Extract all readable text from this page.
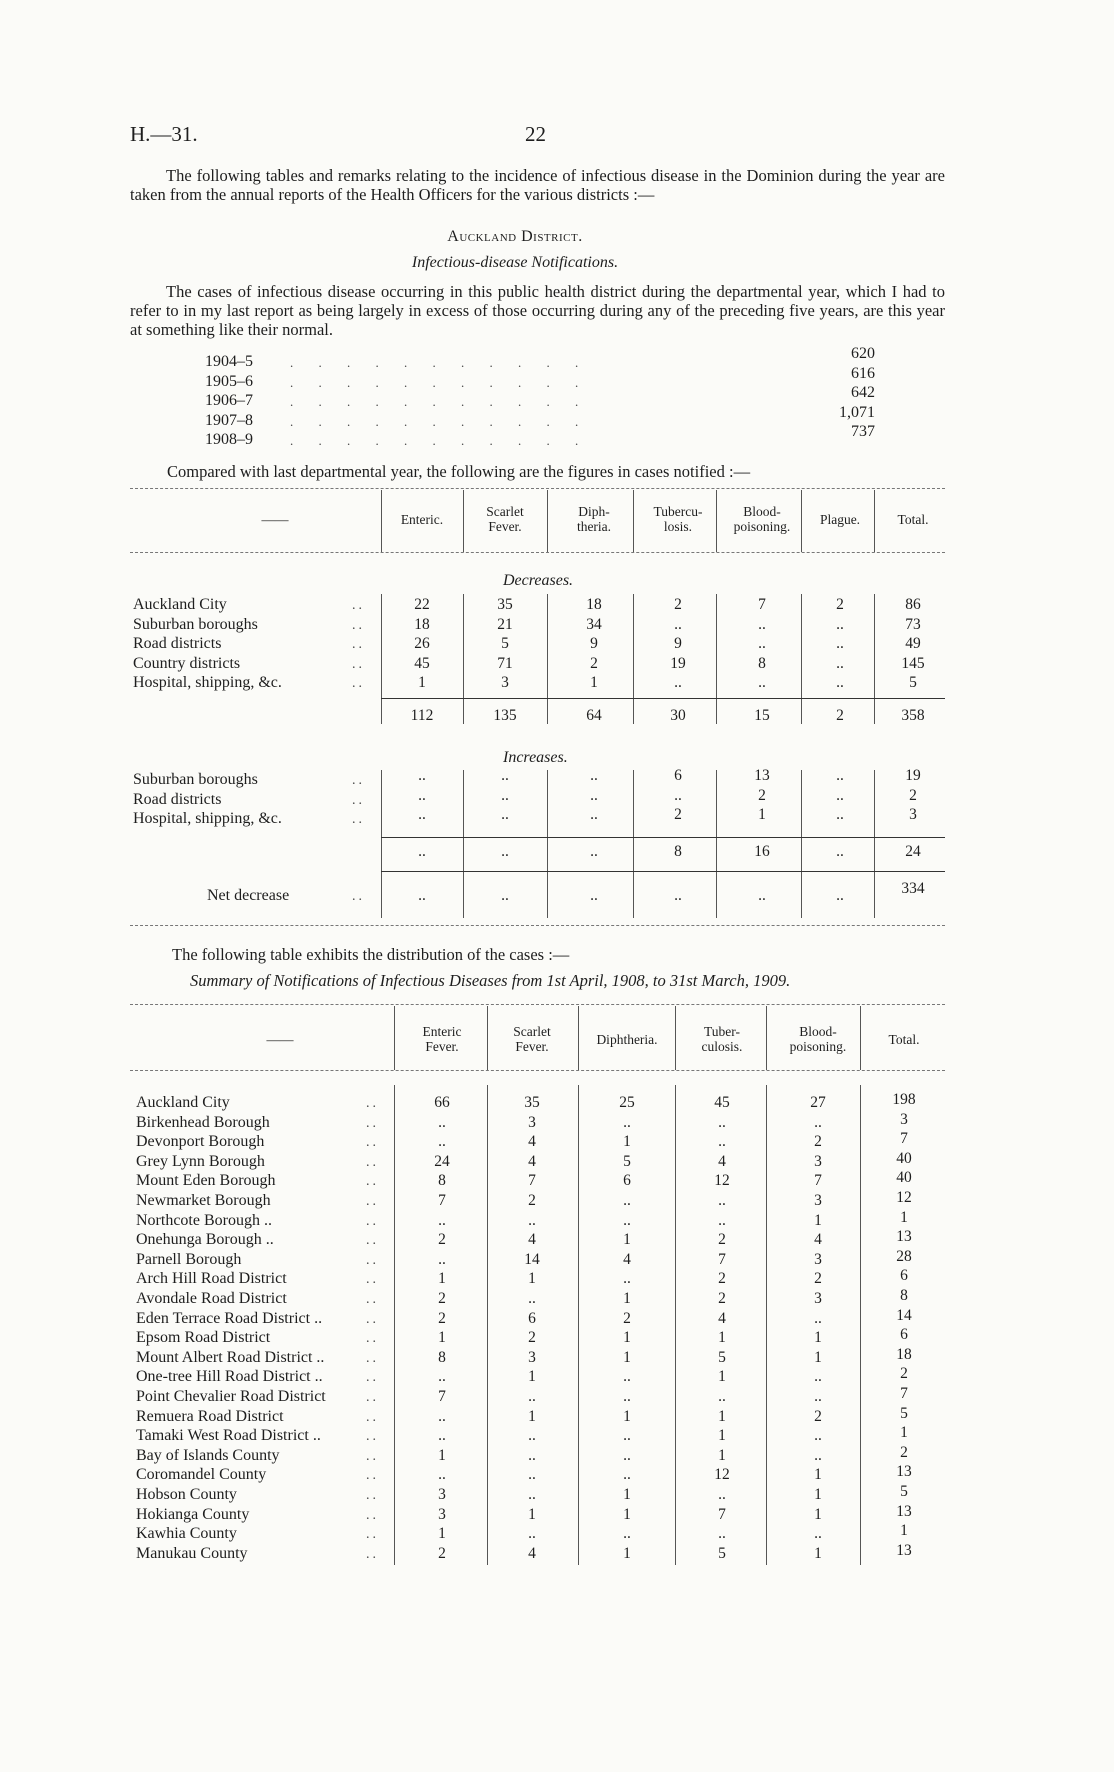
H.—31.	22
The following tables and remarks relating to the incidence of infectious disease in the Dominion during the year are taken from the annual reports of the Health Officers for the various districts :—
Auckland District.
Infectious-disease Notifications.
The cases of infectious disease occurring in this public health district during the departmental year, which I had to refer to in my last report as being largely in excess of those occurring during any of the preceding five years, are this year at something like their normal.
1904–5	. . . . . . . . . . .
620
1905–6	. . . . . . . . . . .
616
1906–7	. . . . . . . . . . .
642
1907–8	. . . . . . . . . . .
1,071
1908–9	. . . . . . . . . . .
737
Compared with last departmental year, the following are the figures in cases notified :—
——	Enteric.
Scarlet
Fever.
Diph-
theria.
Tubercu-
losis.
Blood-
poisoning.	Plague.	Total.
Decreases.
Auckland City	..	22	35	18	2	7	2	86
Suburban boroughs	..	18	21	34	..	..	..	73
Road districts	..	26	5	9	9	..	..	49
Country districts	..	45	71	2	19	8	..	145
Hospital, shipping, &c.	..	1	3	1	..	..	..	5
112	135	64	30	15	2	358
Increases.
Suburban boroughs	..	..	..	..	6	13	..	19
Road districts	..	..	..	..	..	2	..	2
Hospital, shipping, &c.	..	..	..	..	2	1	..	3
..	..	..	8	16	..	24
Net decrease	..	..	..	..	..	..	..	334
The following table exhibits the distribution of the cases :—
Summary of Notifications of Infectious Diseases from 1st April, 1908, to 31st March, 1909.
——
Enteric
Fever.
Scarlet
Fever.	Diphtheria.
Tuber-
culosis.
Blood-
poisoning.	Total.
Auckland City	..	66	35	25	45	27	198
Birkenhead Borough	..	..	3	..	..	..	3
Devonport Borough	..	..	4	1	..	2	7
Grey Lynn Borough	..	24	4	5	4	3	40
Mount Eden Borough	..	8	7	6	12	7	40
Newmarket Borough	..	7	2	..	..	3	12
Northcote Borough ..	..	..	..	..	..	1	1
Onehunga Borough ..	..	2	4	1	2	4	13
Parnell Borough	..	..	14	4	7	3	28
Arch Hill Road District	..	1	1	..	2	2	6
Avondale Road District	..	2	..	1	2	3	8
Eden Terrace Road District ..	..	2	6	2	4	..	14
Epsom Road District	..	1	2	1	1	1	6
Mount Albert Road District ..	..	8	3	1	5	1	18
One-tree Hill Road District ..	..	..	1	..	1	..	2
Point Chevalier Road District	..	7	..	..	..	..	7
Remuera Road District	..	..	1	1	1	2	5
Tamaki West Road District ..	..	..	..	..	1	..	1
Bay of Islands County	..	1	..	..	1	..	2
Coromandel County	..	..	..	..	12	1	13
Hobson County	..	3	..	1	..	1	5
Hokianga County	..	3	1	1	7	1	13
Kawhia County	..	1	..	..	..	..	1
Manukau County	..	2	4	1	5	1	13
